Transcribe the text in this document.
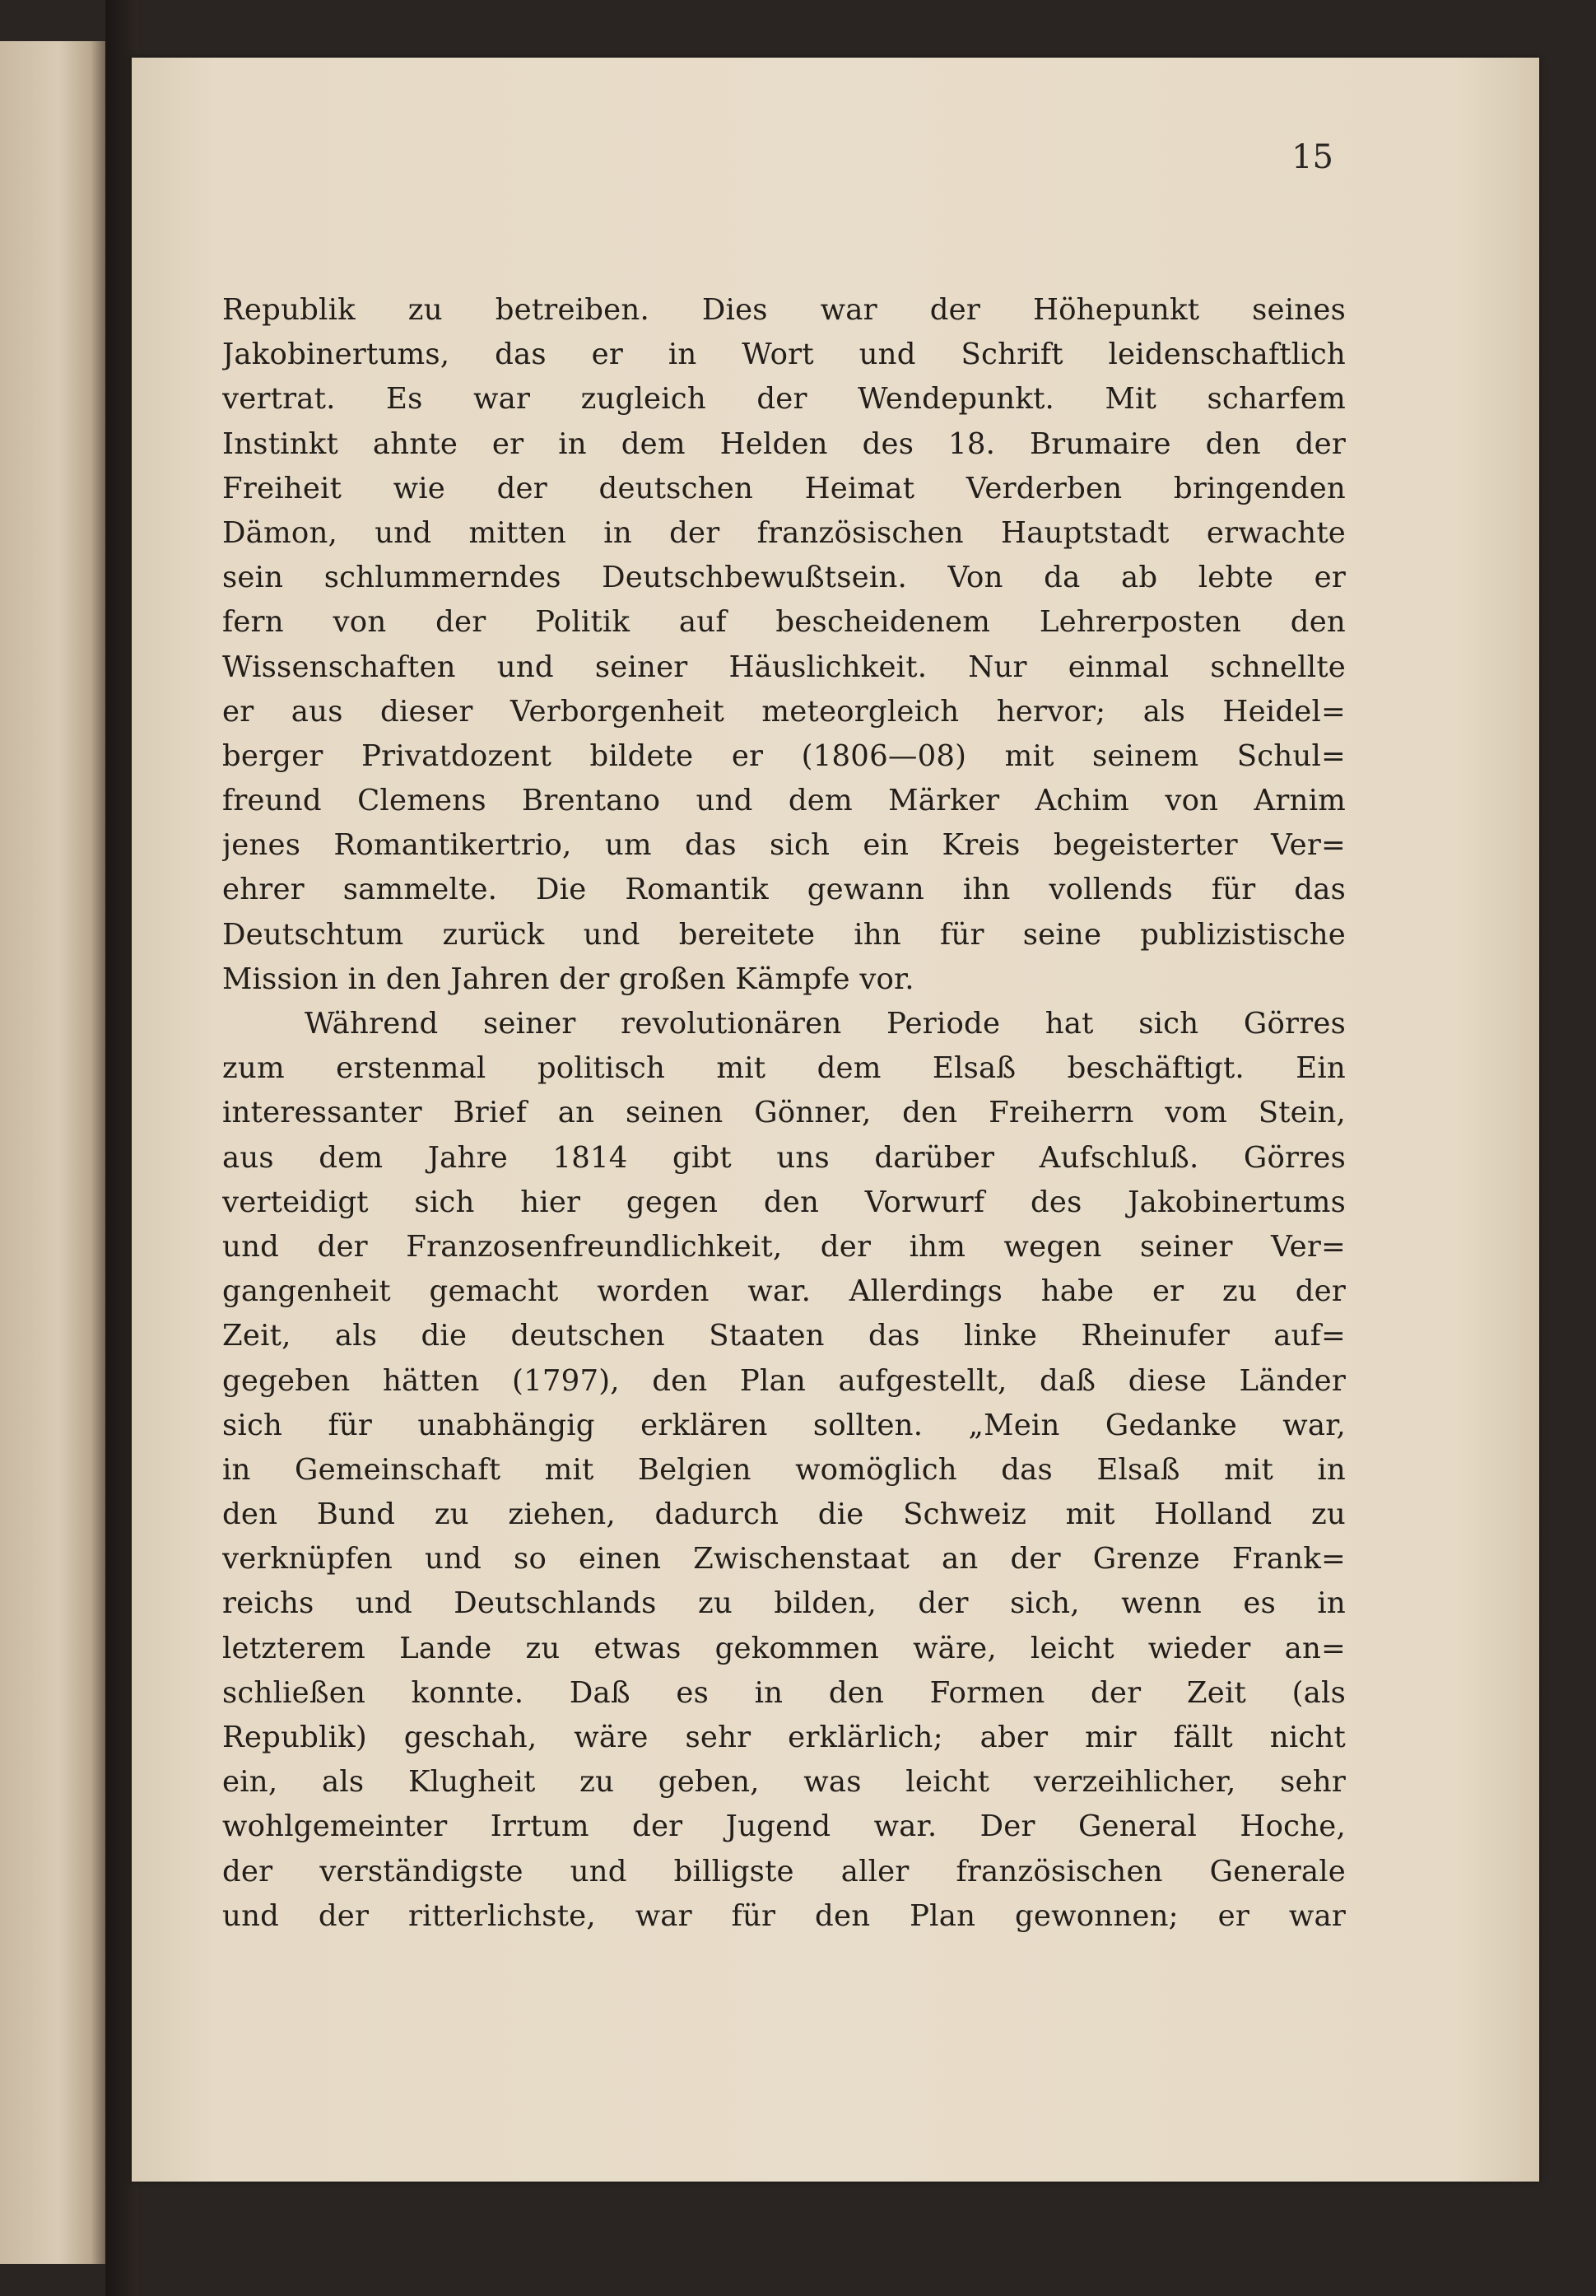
15
Republik zu betreiben. Dies war der Höhepunkt seines
Jakobinertums, das er in Wort und Schrift leidenschaftlich
vertrat. Es war zugleich der Wendepunkt. Mit scharfem
Instinkt ahnte er in dem Helden des 18. Brumaire den der
Freiheit wie der deutschen Heimat Verderben bringenden
Dämon, und mitten in der französischen Hauptstadt erwachte
sein schlummerndes Deutschbewußtsein. Von da ab lebte er
fern von der Politik auf bescheidenem Lehrerposten den
Wissenschaften und seiner Häuslichkeit. Nur einmal schnellte
er aus dieser Verborgenheit meteorgleich hervor; als Heidel=
berger Privatdozent bildete er (1806—08) mit seinem Schul=
freund Clemens Brentano und dem Märker Achim von Arnim
jenes Romantikertrio, um das sich ein Kreis begeisterter Ver=
ehrer sammelte. Die Romantik gewann ihn vollends für das
Deutschtum zurück und bereitete ihn für seine publizistische
Mission in den Jahren der großen Kämpfe vor.
Während seiner revolutionären Periode hat sich Görres
zum erstenmal politisch mit dem Elsaß beschäftigt. Ein
interessanter Brief an seinen Gönner, den Freiherrn vom Stein,
aus dem Jahre 1814 gibt uns darüber Aufschluß. Görres
verteidigt sich hier gegen den Vorwurf des Jakobinertums
und der Franzosenfreundlichkeit, der ihm wegen seiner Ver=
gangenheit gemacht worden war. Allerdings habe er zu der
Zeit, als die deutschen Staaten das linke Rheinufer auf=
gegeben hätten (1797), den Plan aufgestellt, daß diese Länder
sich für unabhängig erklären sollten. „Mein Gedanke war,
in Gemeinschaft mit Belgien womöglich das Elsaß mit in
den Bund zu ziehen, dadurch die Schweiz mit Holland zu
verknüpfen und so einen Zwischenstaat an der Grenze Frank=
reichs und Deutschlands zu bilden, der sich, wenn es in
letzterem Lande zu etwas gekommen wäre, leicht wieder an=
schließen konnte. Daß es in den Formen der Zeit (als
Republik) geschah, wäre sehr erklärlich; aber mir fällt nicht
ein, als Klugheit zu geben, was leicht verzeihlicher, sehr
wohlgemeinter Irrtum der Jugend war. Der General Hoche,
der verständigste und billigste aller französischen Generale
und der ritterlichste, war für den Plan gewonnen; er war
